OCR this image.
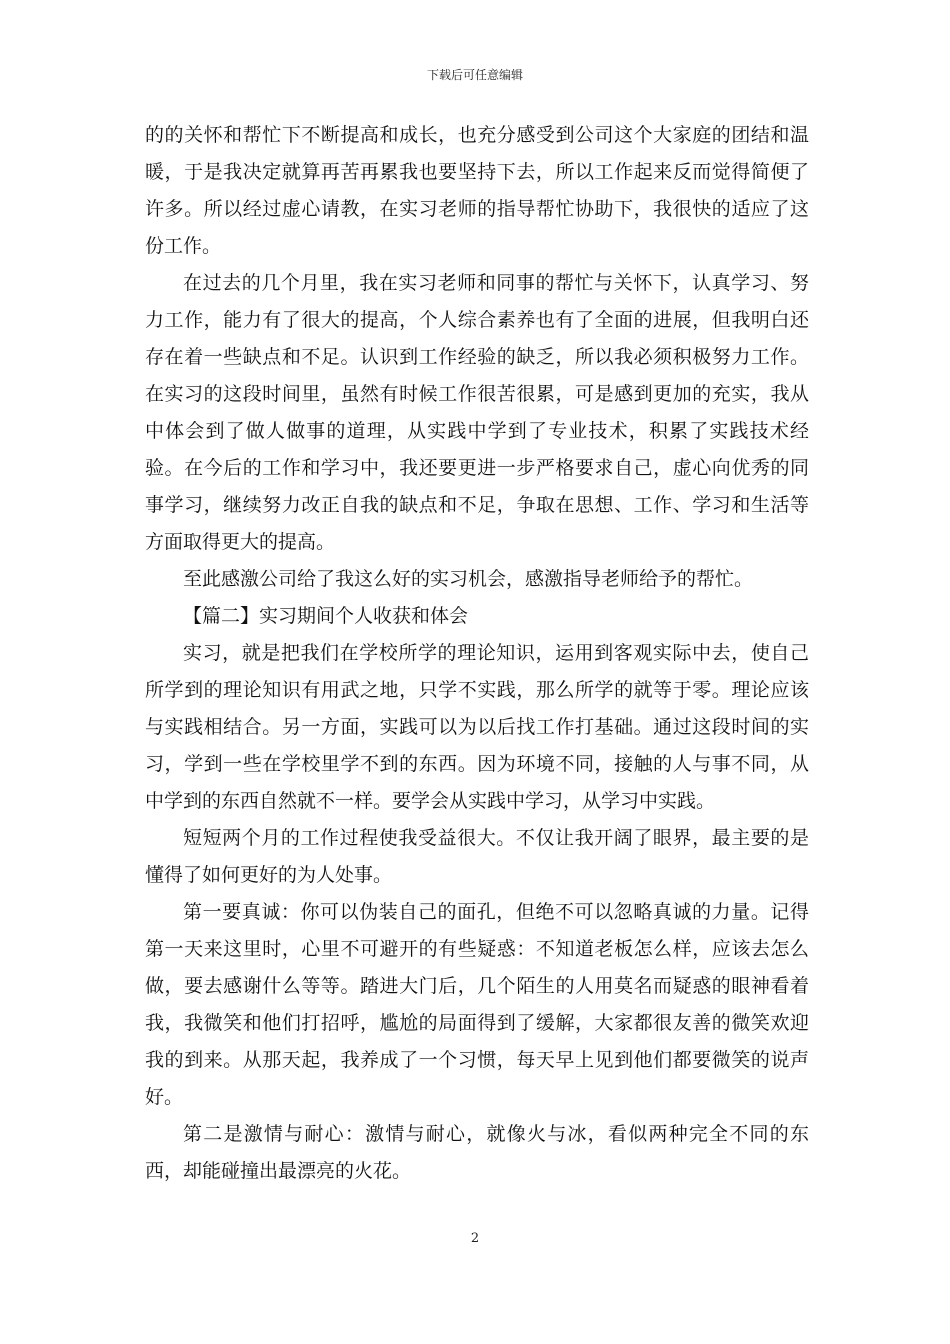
下载后可任意编辑

的的关怀和帮忙下不断提高和成长，也充分感受到公司这个大家庭的团结和温暖，于是我决定就算再苦再累我也要坚持下去，所以工作起来反而觉得简便了许多。所以经过虚心请教，在实习老师的指导帮忙协助下，我很快的适应了这份工作。

在过去的几个月里，我在实习老师和同事的帮忙与关怀下，认真学习、努力工作，能力有了很大的提高，个人综合素养也有了全面的进展，但我明白还存在着一些缺点和不足。认识到工作经验的缺乏，所以我必须积极努力工作。在实习的这段时间里，虽然有时候工作很苦很累，可是感到更加的充实，我从中体会到了做人做事的道理，从实践中学到了专业技术，积累了实践技术经验。在今后的工作和学习中，我还要更进一步严格要求自己，虚心向优秀的同事学习，继续努力改正自我的缺点和不足，争取在思想、工作、学习和生活等方面取得更大的提高。

至此感激公司给了我这么好的实习机会，感激指导老师给予的帮忙。

【篇二】实习期间个人收获和体会

实习，就是把我们在学校所学的理论知识，运用到客观实际中去，使自己所学到的理论知识有用武之地，只学不实践，那么所学的就等于零。理论应该与实践相结合。另一方面，实践可以为以后找工作打基础。通过这段时间的实习，学到一些在学校里学不到的东西。因为环境不同，接触的人与事不同，从中学到的东西自然就不一样。要学会从实践中学习，从学习中实践。

短短两个月的工作过程使我受益很大。不仅让我开阔了眼界，最主要的是懂得了如何更好的为人处事。

第一要真诚：你可以伪装自己的面孔，但绝不可以忽略真诚的力量。记得第一天来这里时，心里不可避开的有些疑惑：不知道老板怎么样，应该去怎么做，要去感谢什么等等。踏进大门后，几个陌生的人用莫名而疑惑的眼神看着我，我微笑和他们打招呼，尴尬的局面得到了缓解，大家都很友善的微笑欢迎我的到来。从那天起，我养成了一个习惯，每天早上见到他们都要微笑的说声好。

第二是激情与耐心：激情与耐心，就像火与冰，看似两种完全不同的东西，却能碰撞出最漂亮的火花。

2
